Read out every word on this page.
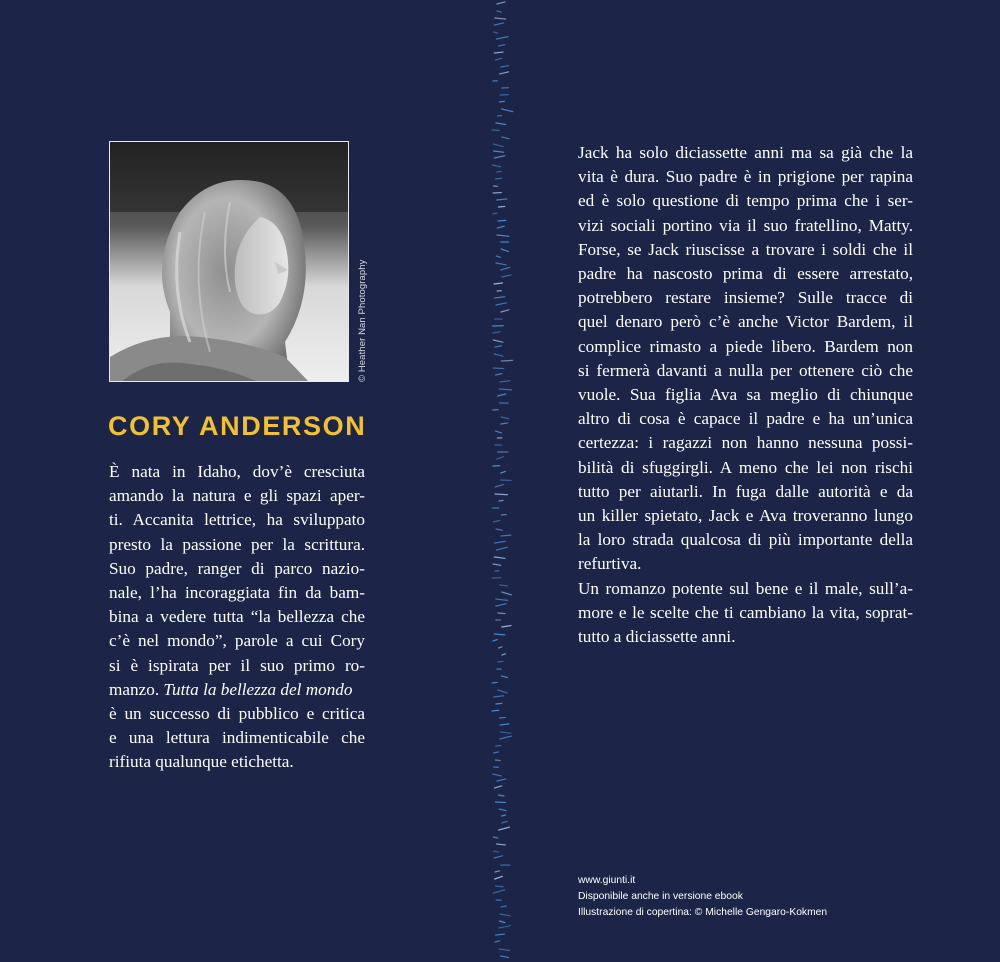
© Heather Nan Photography
CORY ANDERSON
È nata in Idaho, dov’è cresciuta
amando la natura e gli spazi aper-
ti. Accanita lettrice, ha sviluppato
presto la passione per la scrittura.
Suo padre, ranger di parco nazio-
nale, l’ha incoraggiata fin da bam-
bina a vedere tutta “la bellezza che
c’è nel mondo”, parole a cui Cory
si è ispirata per il suo primo ro-
manzo. Tutta la bellezza del mondo
è un successo di pubblico e critica
e una lettura indimenticabile che
rifiuta qualunque etichetta.
Jack ha solo diciassette anni ma sa già che la
vita è dura. Suo padre è in prigione per rapina
ed è solo questione di tempo prima che i ser-
vizi sociali portino via il suo fratellino, Matty.
Forse, se Jack riuscisse a trovare i soldi che il
padre ha nascosto prima di essere arrestato,
potrebbero restare insieme? Sulle tracce di
quel denaro però c’è anche Victor Bardem, il
complice rimasto a piede libero. Bardem non
si fermerà davanti a nulla per ottenere ciò che
vuole. Sua figlia Ava sa meglio di chiunque
altro di cosa è capace il padre e ha un’unica
certezza: i ragazzi non hanno nessuna possi-
bilità di sfuggirgli. A meno che lei non rischi
tutto per aiutarli. In fuga dalle autorità e da
un killer spietato, Jack e Ava troveranno lungo
la loro strada qualcosa di più importante della
refurtiva.
Un romanzo potente sul bene e il male, sull’a-
more e le scelte che ti cambiano la vita, soprat-
tutto a diciassette anni.
www.giunti.it
Disponibile anche in versione ebook
Illustrazione di copertina: © Michelle Gengaro-Kokmen
